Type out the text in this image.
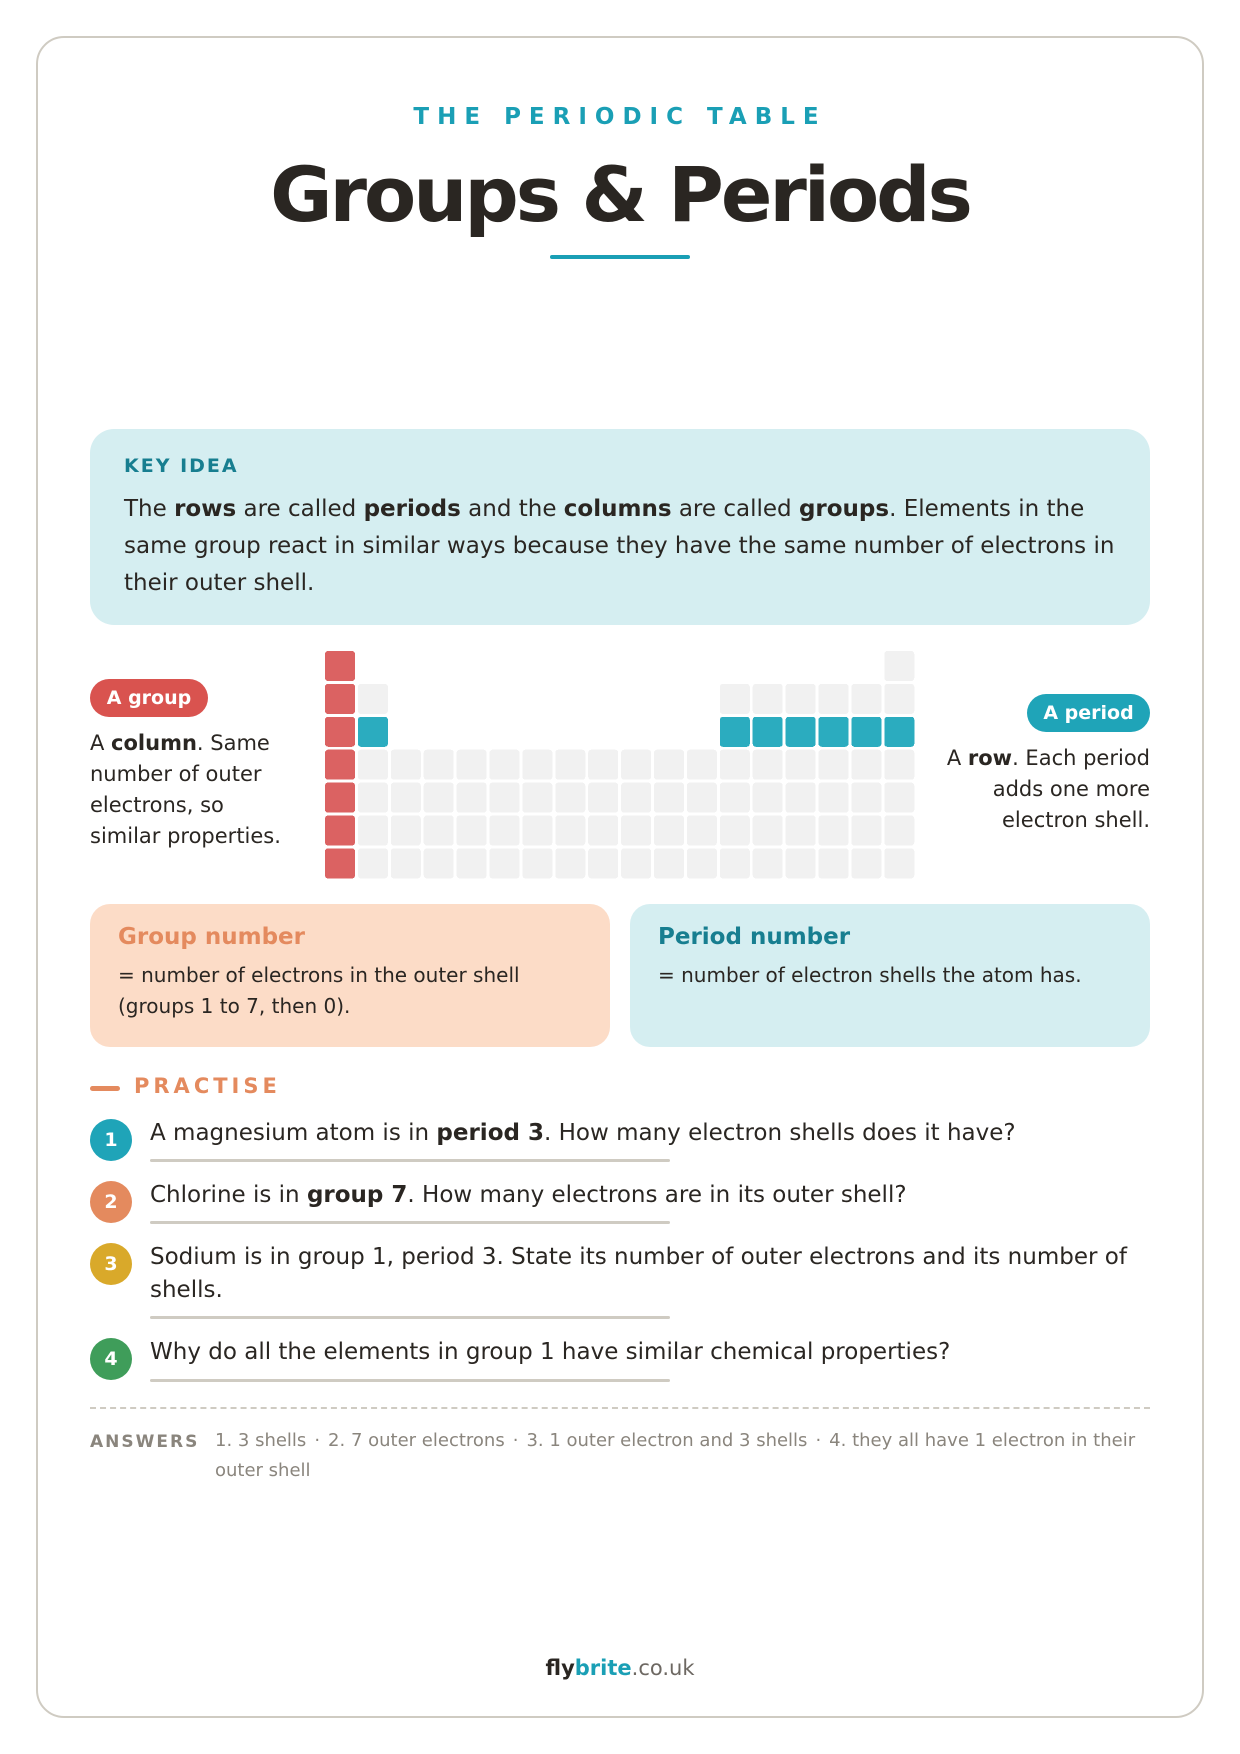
THE PERIODIC TABLE
Groups & Periods
KEY IDEA
The rows are called periods and the columns are called groups. Elements in the same group react in similar ways because they have the same number of electrons in their outer shell.
A group
A column. Same number of outer electrons, so similar properties.
A period
A row. Each period adds one more electron shell.
Group number
= number of electrons in the outer shell (groups 1 to 7, then 0).
Period number
= number of electron shells the atom has.
PRACTISE
1	A magnesium atom is in period 3. How many electron shells does it have?
2	Chlorine is in group 7. How many electrons are in its outer shell?
3	Sodium is in group 1, period 3. State its number of outer electrons and its number of shells.
4	Why do all the elements in group 1 have similar chemical properties?
ANSWERS 1. 3 shells · 2. 7 outer electrons · 3. 1 outer electron and 3 shells · 4. they all have 1 electron in their outer shell
flybrite.co.uk
